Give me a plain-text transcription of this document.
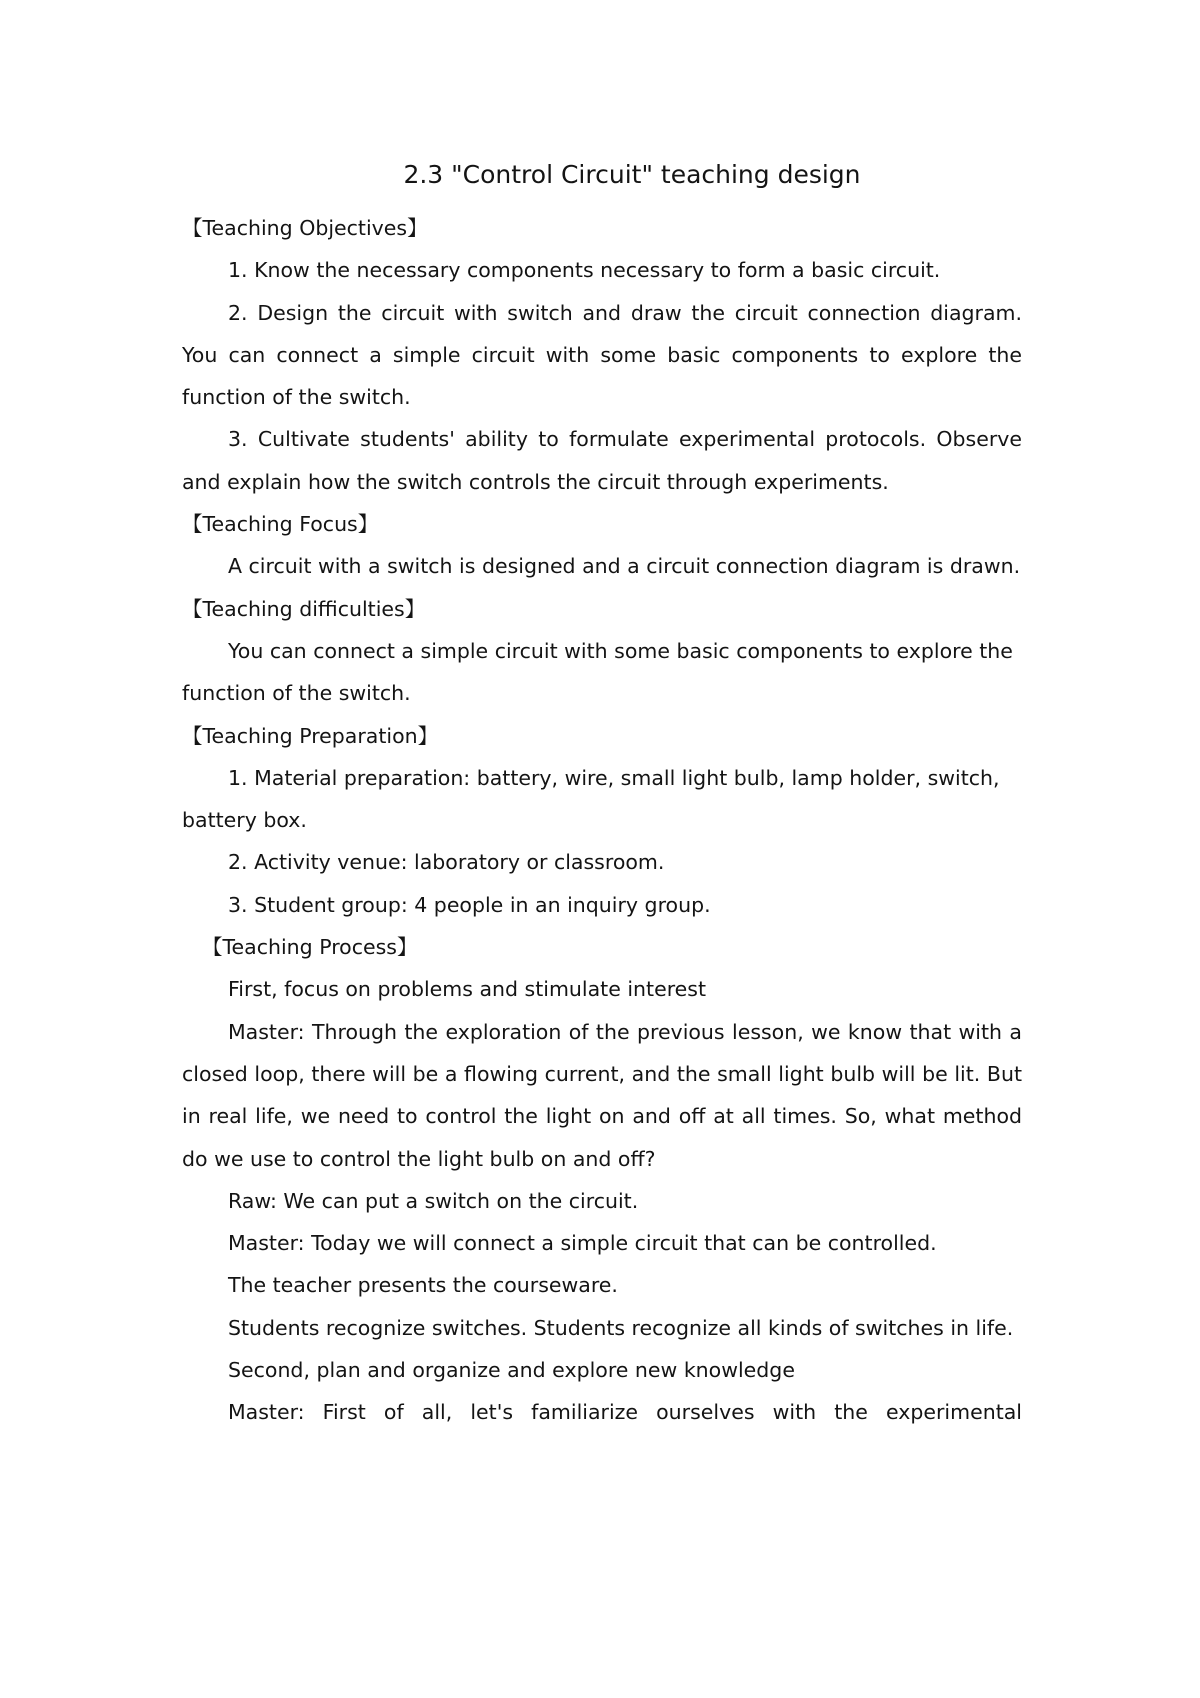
2.3 "Control Circuit" teaching design

【Teaching Objectives】

1. Know the necessary components necessary to form a basic circuit.

2. Design the circuit with switch and draw the circuit connection diagram. You can connect a simple circuit with some basic components to explore the function of the switch.

3. Cultivate students' ability to formulate experimental protocols. Observe and explain how the switch controls the circuit through experiments.

【Teaching Focus】

A circuit with a switch is designed and a circuit connection diagram is drawn.

【Teaching difficulties】

You can connect a simple circuit with some basic components to explore the function of the switch.

【Teaching Preparation】

1. Material preparation: battery, wire, small light bulb, lamp holder, switch, battery box.

2. Activity venue: laboratory or classroom.

3. Student group: 4 people in an inquiry group.

【Teaching Process】

First, focus on problems and stimulate interest

Master: Through the exploration of the previous lesson, we know that with a closed loop, there will be a flowing current, and the small light bulb will be lit. But in real life, we need to control the light on and off at all times. So, what method do we use to control the light bulb on and off?

Raw: We can put a switch on the circuit.

Master: Today we will connect a simple circuit that can be controlled.

The teacher presents the courseware.

Students recognize switches. Students recognize all kinds of switches in life.

Second, plan and organize and explore new knowledge

Master: First of all, let's familiarize ourselves with the experimental
